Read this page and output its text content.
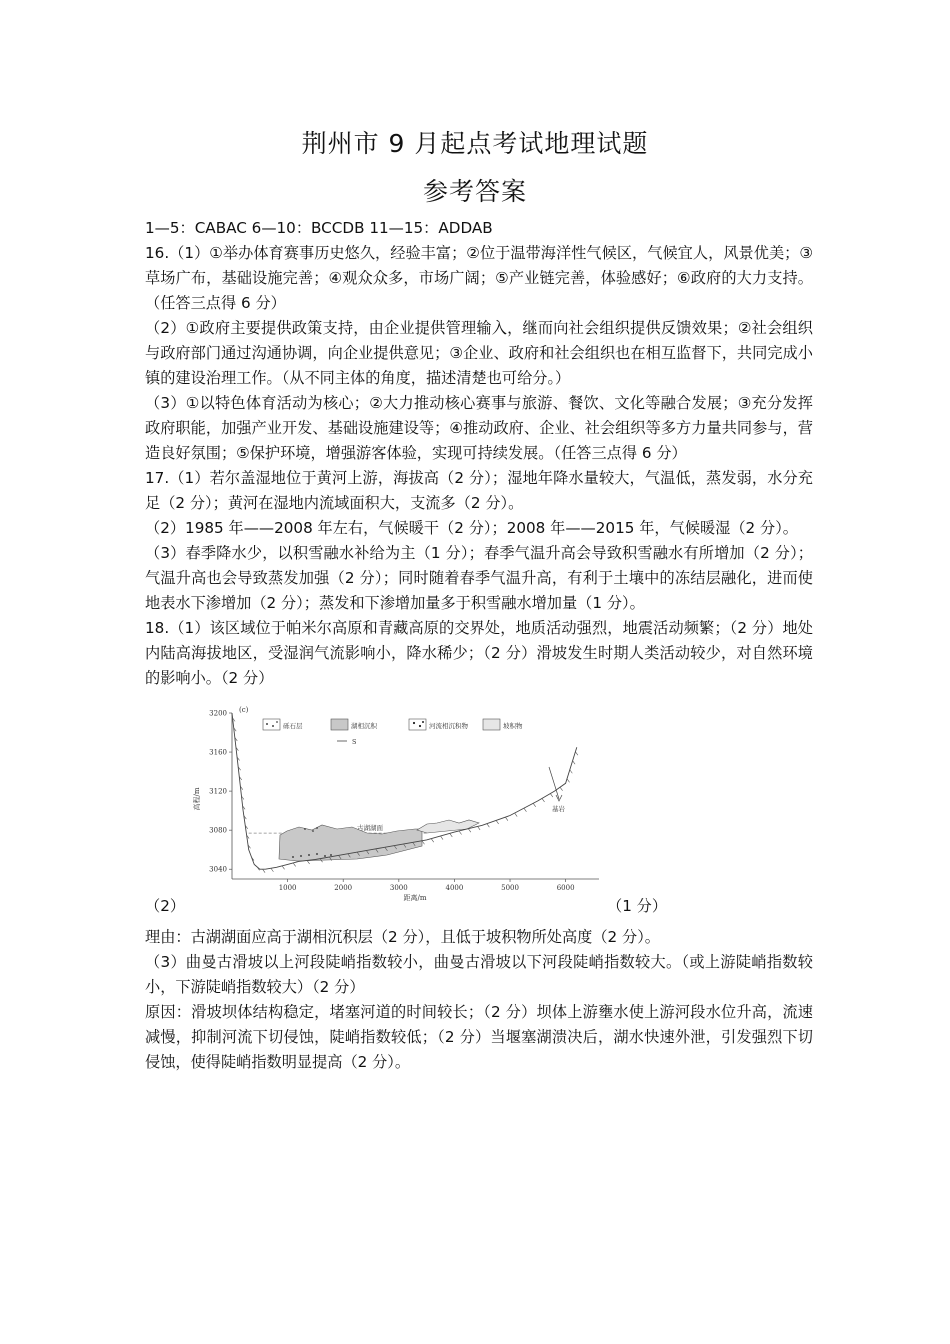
荆州市 9 月起点考试地理试题
参考答案

1—5：CABAC 6—10：BCCDB 11—15：ADDAB

16.（1）①举办体育赛事历史悠久，经验丰富；②位于温带海洋性气候区，气候宜人，风景优美；③草场广布，基础设施完善；④观众众多，市场广阔；⑤产业链完善，体验感好；⑥政府的大力支持。（任答三点得 6 分）

（2）①政府主要提供政策支持，由企业提供管理输入，继而向社会组织提供反馈效果；②社会组织与政府部门通过沟通协调，向企业提供意见；③企业、政府和社会组织也在相互监督下，共同完成小镇的建设治理工作。（从不同主体的角度，描述清楚也可给分。）

（3）①以特色体育活动为核心；②大力推动核心赛事与旅游、餐饮、文化等融合发展；③充分发挥政府职能，加强产业开发、基础设施建设等；④推动政府、企业、社会组织等多方力量共同参与，营造良好氛围；⑤保护环境，增强游客体验，实现可持续发展。（任答三点得 6 分）

17.（1）若尔盖湿地位于黄河上游，海拔高（2 分）；湿地年降水量较大，气温低，蒸发弱，水分充足（2 分）；黄河在湿地内流域面积大，支流多（2 分）。

（2）1985 年——2008 年左右，气候暖干（2 分）；2008 年——2015 年，气候暖湿（2 分）。

（3）春季降水少，以积雪融水补给为主（1 分）；春季气温升高会导致积雪融水有所增加（2 分）；气温升高也会导致蒸发加强（2 分）；同时随着春季气温升高，有利于土壤中的冻结层融化，进而使地表水下渗增加（2 分）；蒸发和下渗增加量多于积雪融水增加量（1 分）。

18.（1）该区域位于帕米尔高原和青藏高原的交界处，地质活动强烈，地震活动频繁；（2 分）地处内陆高海拔地区，受湿润气流影响小，降水稀少；（2 分）滑坡发生时期人类活动较少，对自然环境的影响小。（2 分）

（2）
3200
3160
3120
3080
3040
1000	2000	3000	4000	5000	6000
高程/m
距离/m
(c)
砾石层	湖相沉积	河流相沉积物	坡积物
S
古湖湖面
基岩
（1 分）

理由：古湖湖面应高于湖相沉积层（2 分），且低于坡积物所处高度（2 分）。

（3）曲曼古滑坡以上河段陡峭指数较小，曲曼古滑坡以下河段陡峭指数较大。（或上游陡峭指数较小，下游陡峭指数较大）（2 分）

原因：滑坡坝体结构稳定，堵塞河道的时间较长；（2 分）坝体上游壅水使上游河段水位升高，流速减慢，抑制河流下切侵蚀，陡峭指数较低；（2 分）当堰塞湖溃决后，湖水快速外泄，引发强烈下切侵蚀，使得陡峭指数明显提高（2 分）。
